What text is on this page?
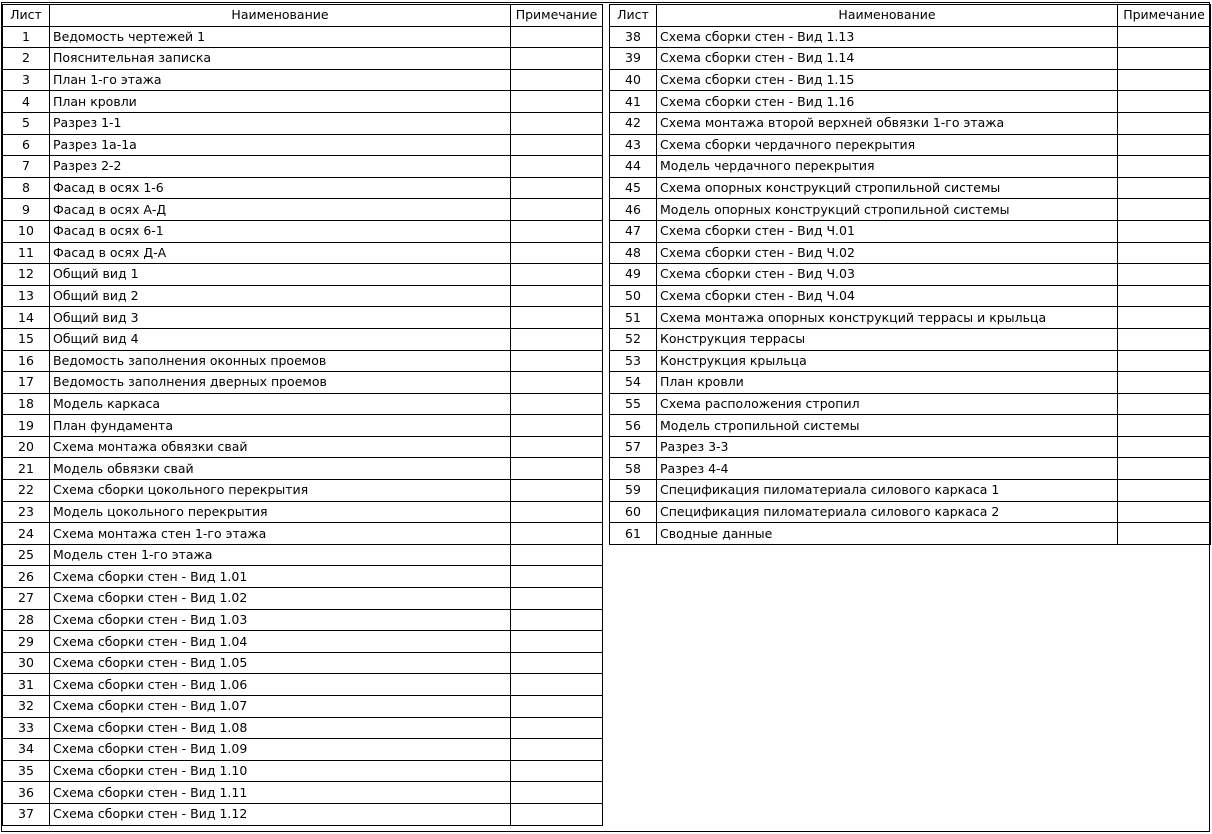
Лист	Наименование	Примечание
1	Ведомость чертежей 1	
2	Пояснительная записка	
3	План 1-го этажа	
4	План кровли	
5	Разрез 1-1	
6	Разрез 1а-1а	
7	Разрез 2-2	
8	Фасад в осях 1-6	
9	Фасад в осях А-Д	
10	Фасад в осях 6-1	
11	Фасад в осях Д-А	
12	Общий вид 1	
13	Общий вид 2	
14	Общий вид 3	
15	Общий вид 4	
16	Ведомость заполнения оконных проемов	
17	Ведомость заполнения дверных проемов	
18	Модель каркаса	
19	План фундамента	
20	Схема монтажа обвязки свай	
21	Модель обвязки свай	
22	Схема сборки цокольного перекрытия	
23	Модель цокольного перекрытия	
24	Схема монтажа стен 1-го этажа	
25	Модель стен 1-го этажа	
26	Схема сборки стен - Вид 1.01	
27	Схема сборки стен - Вид 1.02	
28	Схема сборки стен - Вид 1.03	
29	Схема сборки стен - Вид 1.04	
30	Схема сборки стен - Вид 1.05	
31	Схема сборки стен - Вид 1.06	
32	Схема сборки стен - Вид 1.07	
33	Схема сборки стен - Вид 1.08	
34	Схема сборки стен - Вид 1.09	
35	Схема сборки стен - Вид 1.10	
36	Схема сборки стен - Вид 1.11	
37	Схема сборки стен - Вид 1.12	
Лист	Наименование	Примечание
38	Схема сборки стен - Вид 1.13	
39	Схема сборки стен - Вид 1.14	
40	Схема сборки стен - Вид 1.15	
41	Схема сборки стен - Вид 1.16	
42	Схема монтажа второй верхней обвязки 1-го этажа	
43	Схема сборки чердачного перекрытия	
44	Модель чердачного перекрытия	
45	Схема опорных конструкций стропильной системы	
46	Модель опорных конструкций стропильной системы	
47	Схема сборки стен - Вид Ч.01	
48	Схема сборки стен - Вид Ч.02	
49	Схема сборки стен - Вид Ч.03	
50	Схема сборки стен - Вид Ч.04	
51	Схема монтажа опорных конструкций террасы и крыльца	
52	Конструкция террасы	
53	Конструкция крыльца	
54	План кровли	
55	Схема расположения стропил	
56	Модель стропильной системы	
57	Разрез 3-3	
58	Разрез 4-4	
59	Спецификация пиломатериала силового каркаса 1	
60	Спецификация пиломатериала силового каркаса 2	
61	Сводные данные	
